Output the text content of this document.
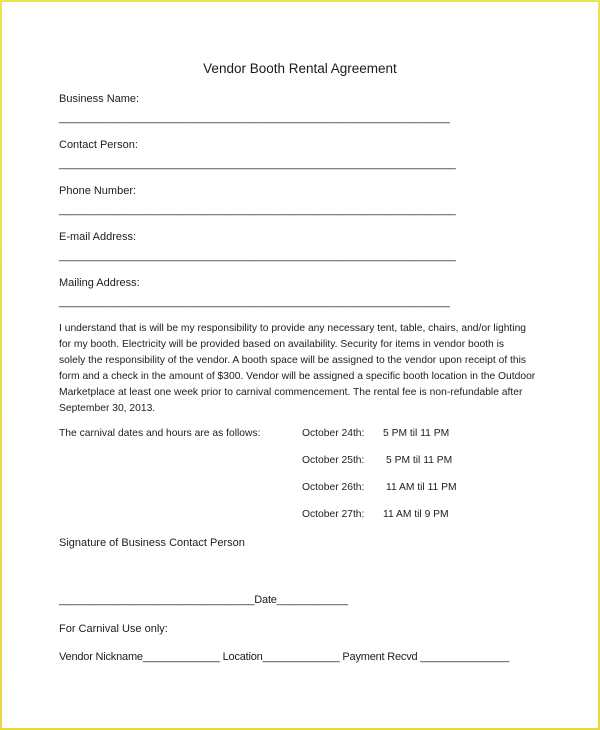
Vendor Booth Rental Agreement
Business Name:
__________________________________________________________________
Contact Person:
___________________________________________________________________
Phone Number:
___________________________________________________________________
E-mail Address:
___________________________________________________________________
Mailing Address:
__________________________________________________________________
I understand that is will be my responsibility to provide any necessary tent, table, chairs, and/or lighting
for my booth. Electricity will be provided based on availability. Security for items in vendor booth is
solely the responsibility of the vendor. A booth space will be assigned to the vendor upon receipt of this
form and a check in the amount of $300. Vendor will be assigned a specific booth location in the Outdoor
Marketplace at least one week prior to carnival commencement. The rental fee is non-refundable after
September 30, 2013.
The carnival dates and hours are as follows:	October 24th: 5 PM til 11 PM
October 25th: 5 PM til 11 PM
October 26th: 11 AM til 11 PM
October 27th: 11 AM til 9 PM
Signature of Business Contact Person
_________________________________Date____________
For Carnival Use only:
Vendor Nickname_____________ Location_____________ Payment Recvd _______________
